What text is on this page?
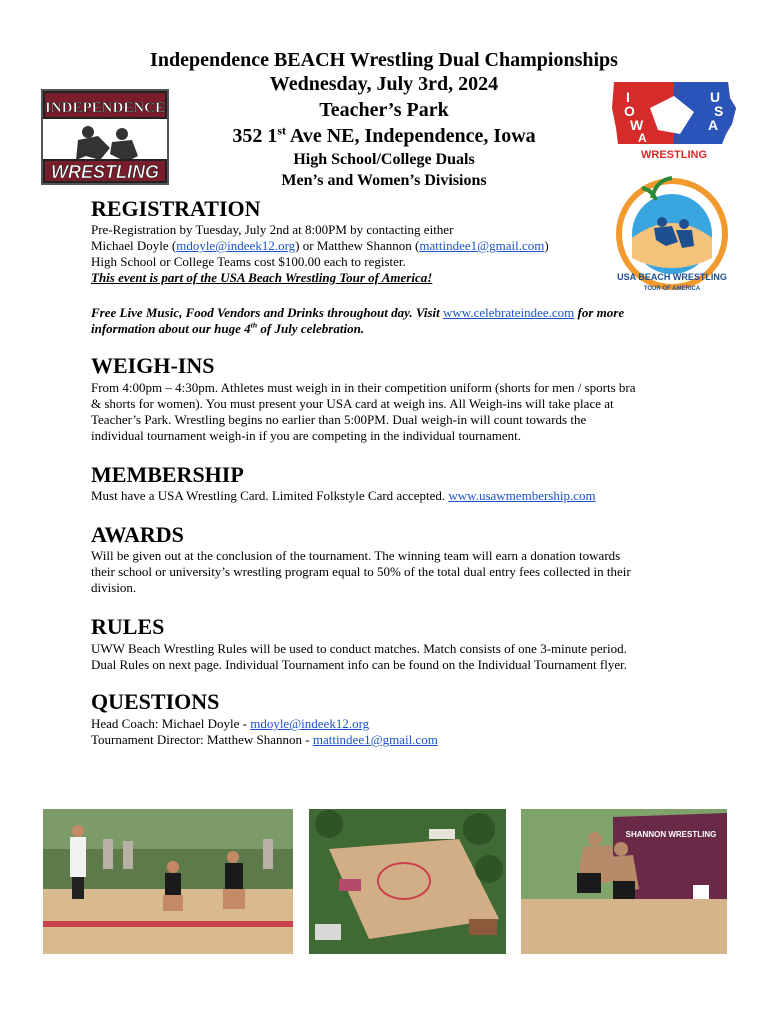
Independence BEACH Wrestling Dual Championships
Wednesday, July 3rd, 2024
Teacher’s Park
352 1st Ave NE, Independence, Iowa
High School/College Duals
Men’s and Women’s Divisions
INDEPENDENCE
WRESTLING
I
O
W
A
U
S
A
WRESTLING
USA BEACH WRESTLING
TOUR OF AMERICA
REGISTRATION
Pre-Registration by Tuesday, July 2nd at 8:00PM by contacting either
Michael Doyle (mdoyle@indeek12.org) or Matthew Shannon (mattindee1@gmail.com)
High School or College Teams cost $100.00 each to register.
This event is part of the USA Beach Wrestling Tour of America!
Free Live Music, Food Vendors and Drinks throughout day. Visit www.celebrateindee.com for more
information about our huge 4th of July celebration.
WEIGH-INS
From 4:00pm – 4:30pm. Athletes must weigh in in their competition uniform (shorts for men / sports bra
& shorts for women). You must present your USA card at weigh ins. All Weigh-ins will take place at
Teacher’s Park. Wrestling begins no earlier than 5:00PM. Dual weigh-in will count towards the
individual tournament weigh-in if you are competing in the individual tournament.
MEMBERSHIP
Must have a USA Wrestling Card. Limited Folkstyle Card accepted. www.usawmembership.com
AWARDS
Will be given out at the conclusion of the tournament. The winning team will earn a donation towards
their school or university’s wrestling program equal to 50% of the total dual entry fees collected in their
division.
RULES
UWW Beach Wrestling Rules will be used to conduct matches. Match consists of one 3-minute period.
Dual Rules on next page. Individual Tournament info can be found on the Individual Tournament flyer.
QUESTIONS
Head Coach: Michael Doyle - mdoyle@indeek12.org
Tournament Director: Matthew Shannon - mattindee1@gmail.com
SHANNON WRESTLING
